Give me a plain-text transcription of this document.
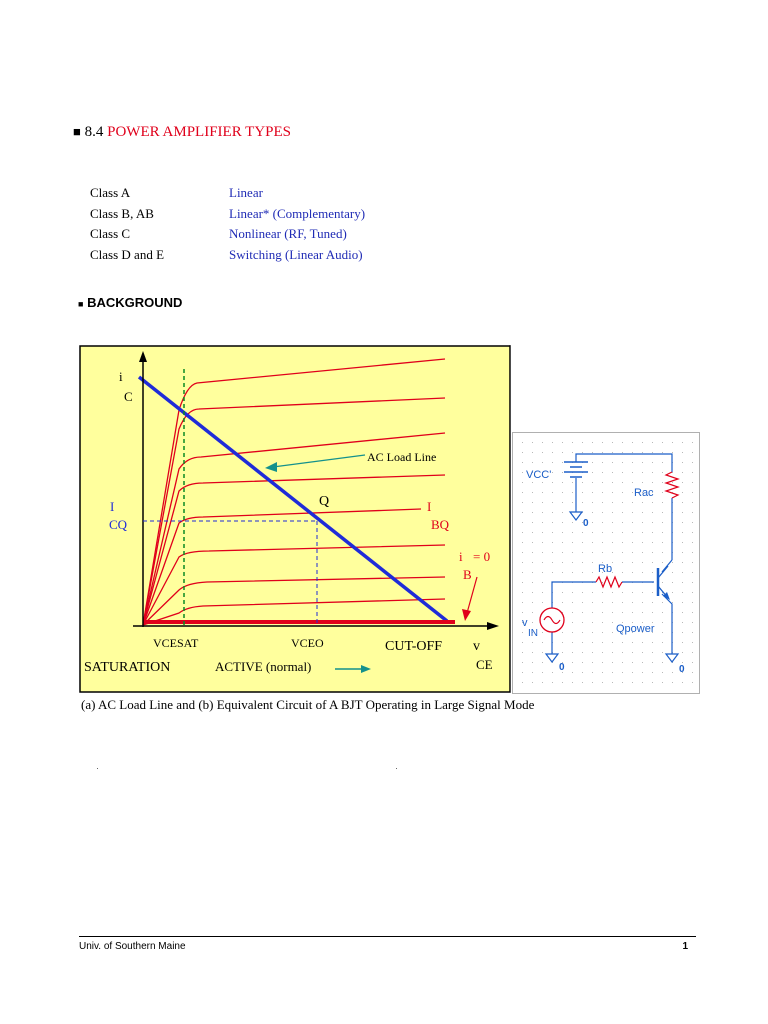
■ 8.4 POWER AMPLIFIER TYPES
Class A	Linear
Class B, AB	Linear* (Complementary)
Class C	Nonlinear (RF, Tuned)
Class D and E	Switching (Linear Audio)
■ BACKGROUND
i
C
I
CQ
Q	I
BQ
i = 0
B
AC Load Line
VCESAT	VCEO	CUT-OFF v
CE
SATURATION	ACTIVE (normal)
VCC'
Rac
Rb
v
IN	Qpower
0
0	0
(a) AC Load Line and (b) Equivalent Circuit of A BJT Operating in Large Signal Mode
Univ. of Southern Maine	1
